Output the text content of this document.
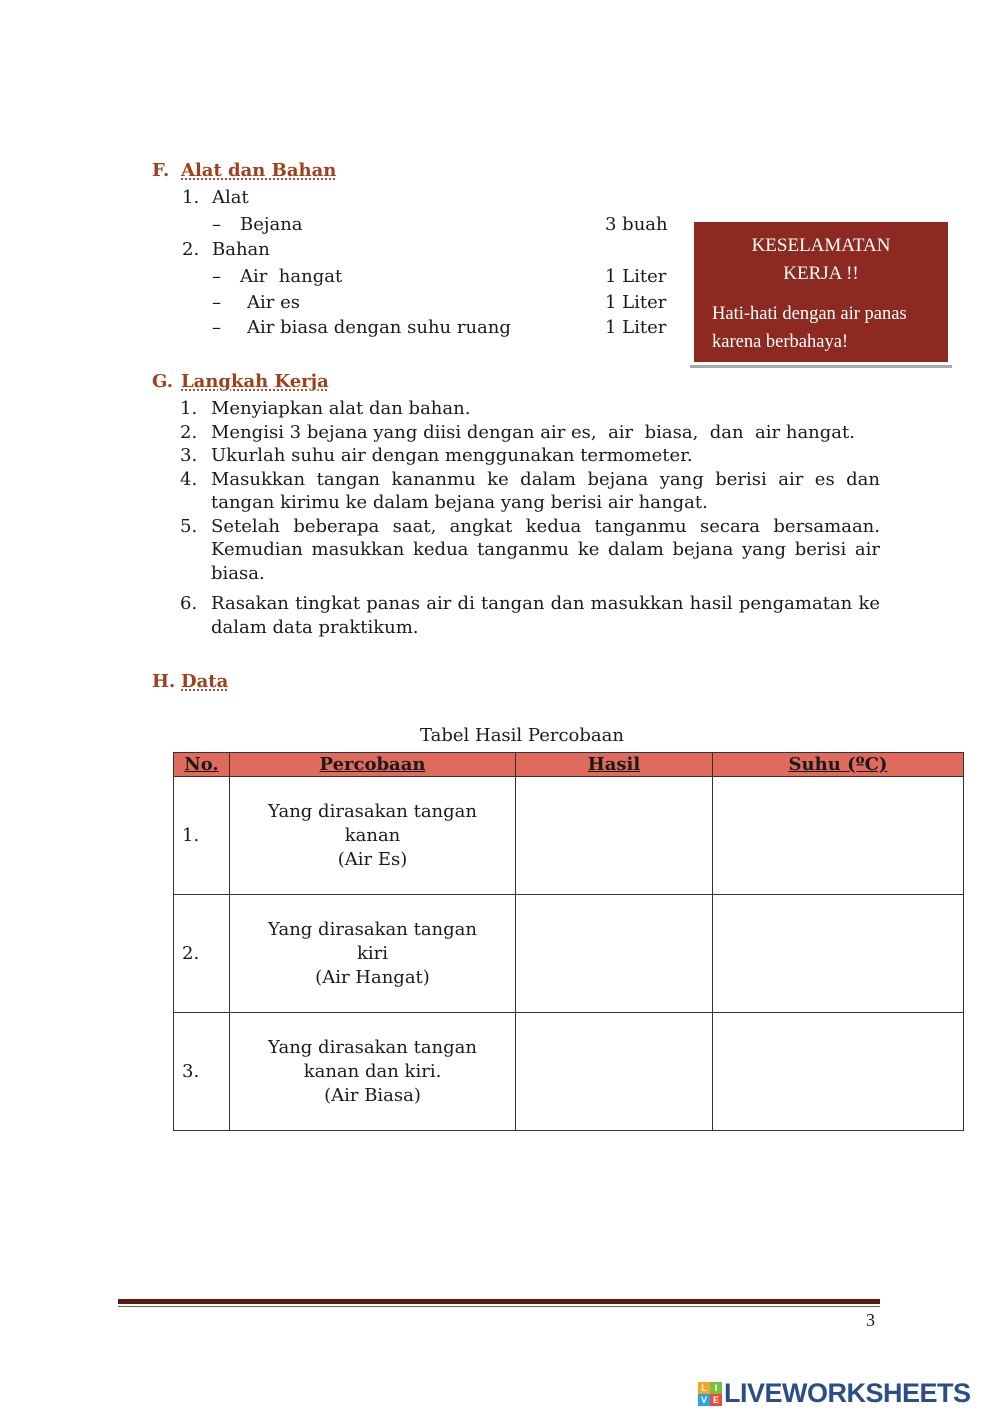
F. Alat dan Bahan
1. Alat
– Bejana	3 buah
2. Bahan
– Air  hangat	1 Liter
– Air es	1 Liter
– Air biasa dengan suhu ruang	1 Liter
KESELAMATAN
KERJA !!
Hati-hati dengan air panas
karena berbahaya!
G. Langkah Kerja
1. Menyiapkan alat dan bahan.
2. Mengisi 3 bejana yang diisi dengan air es,  air  biasa,  dan  air hangat.
3. Ukurlah suhu air dengan menggunakan termometer.
4. Masukkan tangan kananmu ke dalam bejana yang berisi air es dan tangan kirimu ke dalam bejana yang berisi air hangat.
5. Setelah beberapa saat, angkat kedua tanganmu secara bersamaan. Kemudian masukkan kedua tanganmu ke dalam bejana yang berisi air biasa.
6. Rasakan tingkat panas air di tangan dan masukkan hasil pengamatan ke dalam data praktikum.
H. Data
Tabel Hasil Percobaan
No.	Percobaan	Hasil	Suhu (ºC)
1.	Yang dirasakan tangan
kanan
(Air Es)		

2.	Yang dirasakan tangan
kiri
(Air Hangat)		

3.	Yang dirasakan tangan
kanan dan kiri.
(Air Biasa)		

3
L I
V E LIVEWORKSHEETS
